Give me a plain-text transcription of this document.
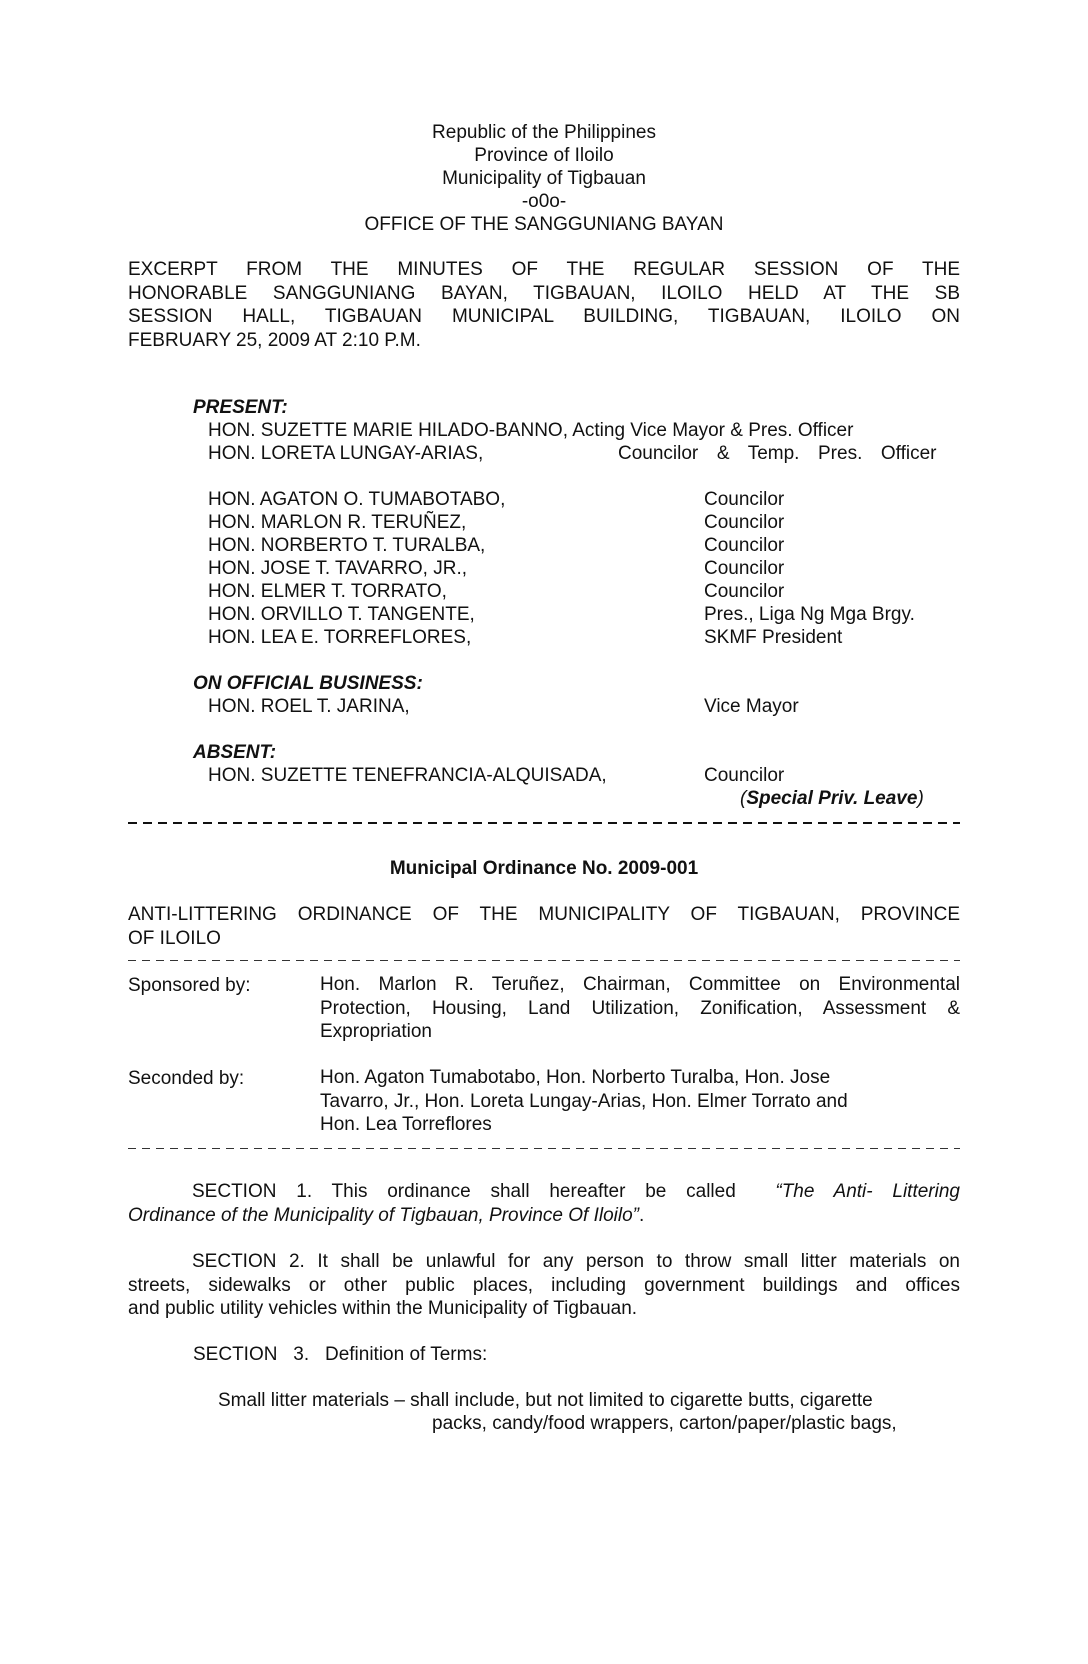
Republic of the Philippines
Province of Iloilo
Municipality of Tigbauan
-o0o-
OFFICE OF THE SANGGUNIANG BAYAN
EXCERPT FROM THE MINUTES OF THE REGULAR SESSION OF THE
HONORABLE SANGGUNIANG BAYAN, TIGBAUAN, ILOILO HELD AT THE SB
SESSION HALL, TIGBAUAN MUNICIPAL BUILDING, TIGBAUAN, ILOILO ON
FEBRUARY 25, 2009 AT 2:10 P.M.
PRESENT:
HON. SUZETTE MARIE HILADO-BANNO, Acting Vice Mayor & Pres. Officer
HON. LORETA LUNGAY-ARIAS,	Councilor  &  Temp.  Pres.  Officer
HON. AGATON O. TUMABOTABO,	Councilor
HON. MARLON R. TERUÑEZ,	Councilor
HON. NORBERTO T. TURALBA,	Councilor
HON. JOSE T. TAVARRO, JR.,	Councilor
HON. ELMER T. TORRATO,	Councilor
HON. ORVILLO T. TANGENTE,	Pres., Liga Ng Mga Brgy.
HON. LEA E. TORREFLORES,	SKMF President
ON OFFICIAL BUSINESS:
HON. ROEL T. JARINA,	Vice Mayor
ABSENT:
HON. SUZETTE TENEFRANCIA-ALQUISADA,	Councilor
(Special Priv. Leave)
Municipal Ordinance No. 2009-001
ANTI-LITTERING ORDINANCE OF THE MUNICIPALITY OF TIGBAUAN, PROVINCE
OF ILOILO
Sponsored by:	Hon. Marlon R. Teruñez, Chairman, Committee on Environmental
Protection, Housing, Land Utilization, Zonification, Assessment &
Expropriation
Seconded by:	Hon. Agaton Tumabotabo, Hon. Norberto Turalba, Hon. Jose
Tavarro, Jr., Hon. Loreta Lungay-Arias, Hon. Elmer Torrato and
Hon. Lea Torreflores
SECTION 1. This ordinance shall hereafter be called “The Anti- Littering
Ordinance of the Municipality of Tigbauan, Province Of Iloilo”.
SECTION 2. It shall be unlawful for any person to throw small litter materials on
streets, sidewalks or other public places, including government buildings and offices
and public utility vehicles within the Municipality of Tigbauan.
SECTION   3.   Definition of Terms:
Small litter materials – shall include, but not limited to cigarette butts, cigarette
packs, candy/food wrappers, carton/paper/plastic bags,
